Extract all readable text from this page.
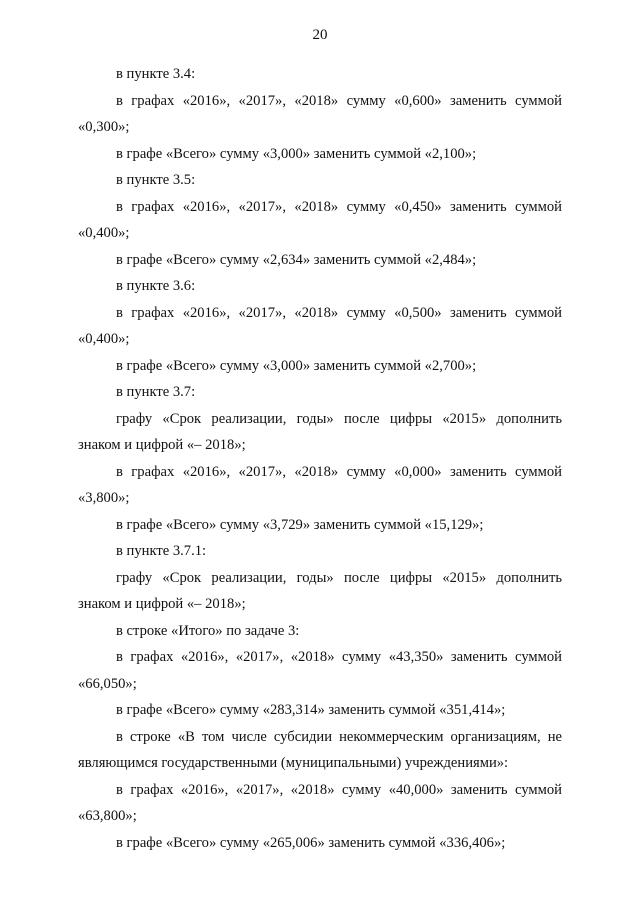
20

в пункте 3.4:

в графах «2016», «2017», «2018» сумму «0,600» заменить суммой

«0,300»;

в графе «Всего» сумму «3,000» заменить суммой «2,100»;

в пункте 3.5:

в графах «2016», «2017», «2018» сумму «0,450» заменить суммой

«0,400»;

в графе «Всего» сумму «2,634» заменить суммой «2,484»;

в пункте 3.6:

в графах «2016», «2017», «2018» сумму «0,500» заменить суммой

«0,400»;

в графе «Всего» сумму «3,000» заменить суммой «2,700»;

в пункте 3.7:

графу «Срок реализации, годы» после цифры «2015» дополнить

знаком и цифрой «– 2018»;

в графах «2016», «2017», «2018» сумму «0,000» заменить суммой

«3,800»;

в графе «Всего» сумму «3,729» заменить суммой «15,129»;

в пункте 3.7.1:

графу «Срок реализации, годы» после цифры «2015» дополнить

знаком и цифрой «– 2018»;

в строке «Итого» по задаче 3:

в графах «2016», «2017», «2018» сумму «43,350» заменить суммой

«66,050»;

в графе «Всего» сумму «283,314» заменить суммой «351,414»;

в строке «В том числе субсидии некоммерческим организациям, не

являющимся государственными (муниципальными) учреждениями»:

в графах «2016», «2017», «2018» сумму «40,000» заменить суммой

«63,800»;

в графе «Всего» сумму «265,006» заменить суммой «336,406»;
